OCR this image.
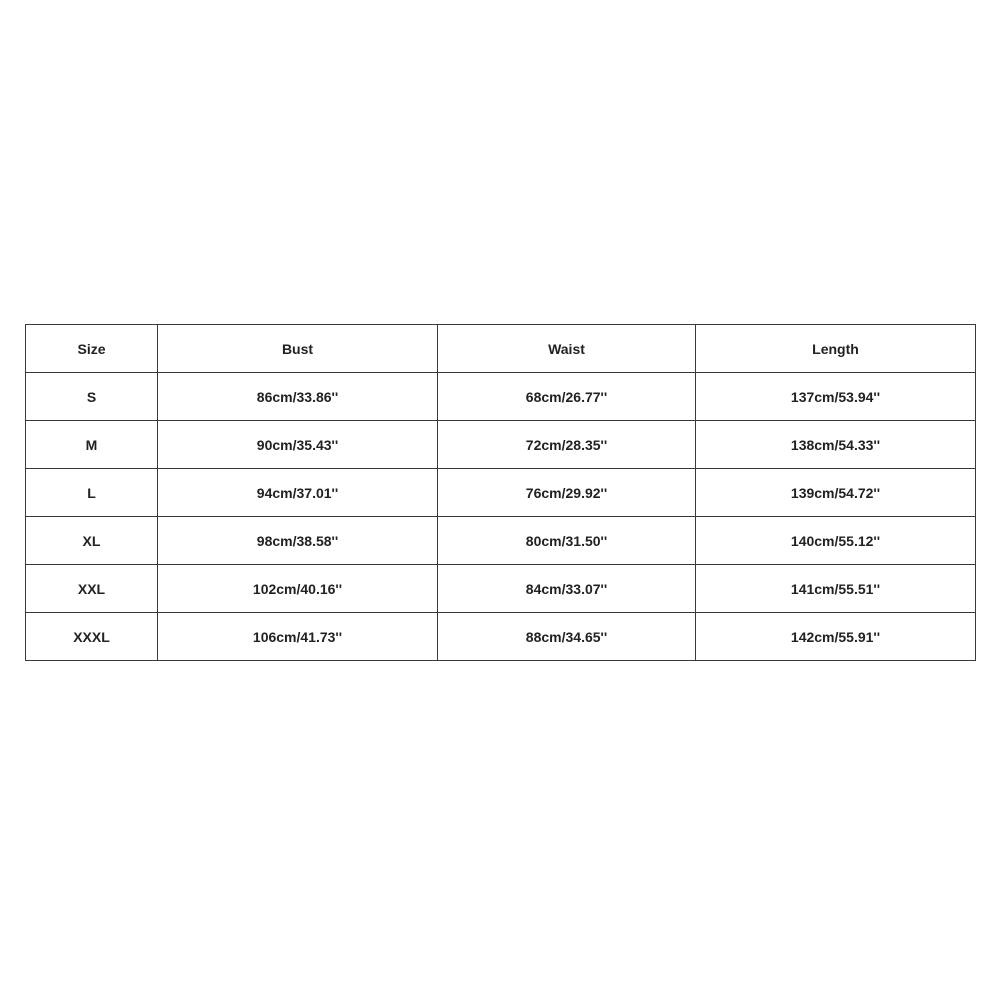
Size	Bust	Waist	Length
S	86cm/33.86''	68cm/26.77''	137cm/53.94''
M	90cm/35.43''	72cm/28.35''	138cm/54.33''
L	94cm/37.01''	76cm/29.92''	139cm/54.72''
XL	98cm/38.58''	80cm/31.50''	140cm/55.12''
XXL	102cm/40.16''	84cm/33.07''	141cm/55.51''
XXXL	106cm/41.73''	88cm/34.65''	142cm/55.91''
